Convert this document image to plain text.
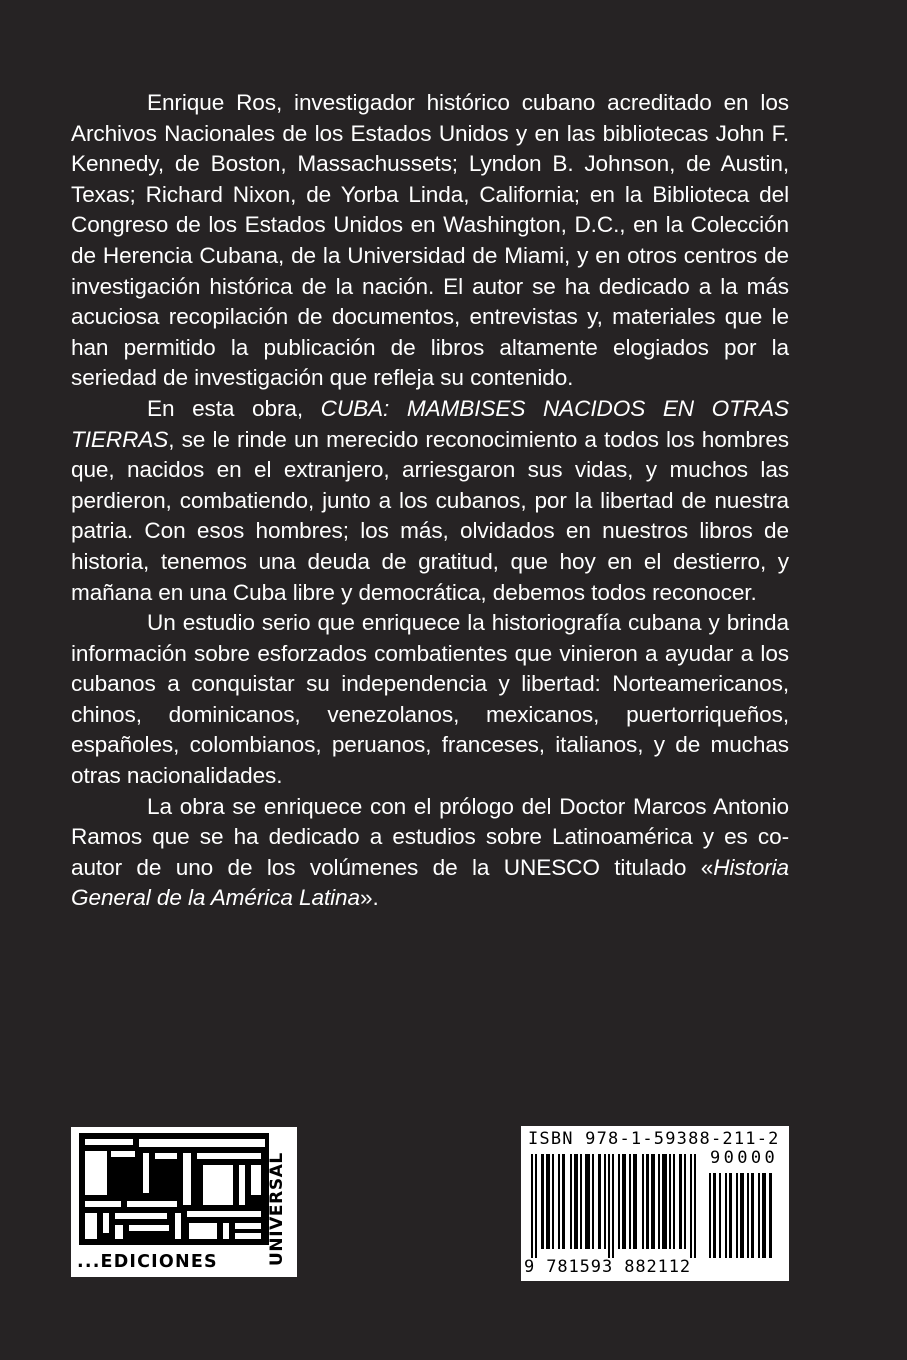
Enrique Ros, investigador histórico cubano acreditado en los Archivos Nacionales de los Estados Unidos y en las bibliotecas John F. Kennedy, de Boston, Massachussets; Lyndon B. Johnson, de Austin, Texas; Richard Nixon, de Yorba Linda, California; en la Biblioteca del Congreso de los Estados Unidos en Washington, D.C., en la Colección de Herencia Cubana, de la Universidad de Miami, y en otros centros de investigación histórica de la nación. El autor se ha dedicado a la más acuciosa recopilación de documentos, entrevistas y, materiales que le han permitido la publicación de libros altamente elogiados por la seriedad de investigación que refleja su contenido.

En esta obra, CUBA: MAMBISES NACIDOS EN OTRAS TIERRAS, se le rinde un merecido reconocimiento a todos los hombres que, nacidos en el extranjero, arriesgaron sus vidas, y muchos las perdieron, combatiendo, junto a los cubanos, por la libertad de nuestra patria. Con esos hombres; los más, olvidados en nuestros libros de historia, tenemos una deuda de gratitud, que hoy en el destierro, y mañana en una Cuba libre y democrática, debemos todos reconocer.

Un estudio serio que enriquece la historiografía cubana y brinda información sobre esforzados combatientes que vinieron a ayudar a los cubanos a conquistar su independencia y libertad: Norteamericanos, chinos, dominicanos, venezolanos, mexicanos, puertorriqueños, españoles, colombianos, peruanos, franceses, italianos, y de muchas otras nacionalidades.

La obra se enriquece con el prólogo del Doctor Marcos Antonio Ramos que se ha dedicado a estudios sobre Latinoamérica y es co-autor de uno de los volúmenes de la UNESCO titulado «Historia General de la América Latina».

...EDICIONES	UNIVERSAL
ISBN 978-1-59388-211-2
90000
9 781593 882112
